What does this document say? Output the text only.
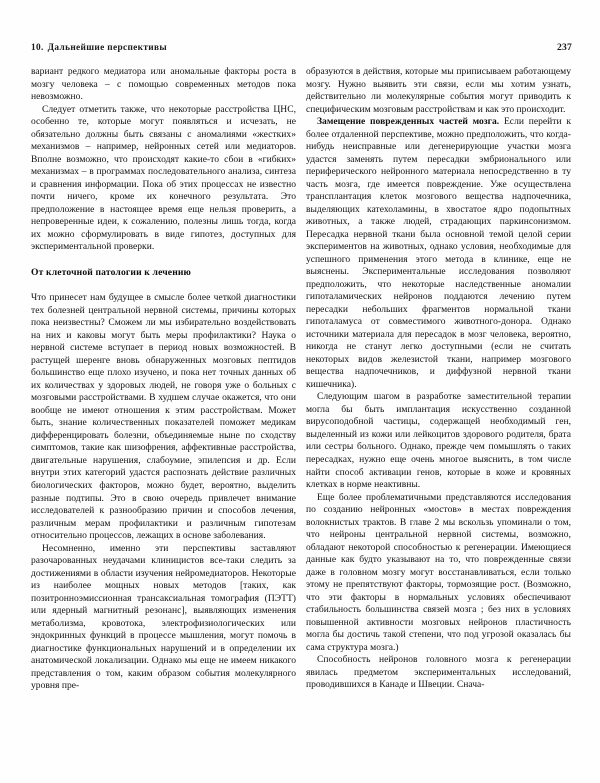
10. Дальнейшие перспективы	237

вариант редкого медиатора или аномальные факторы роста в мозгу человека – с помощью современных методов пока невозможно.

Следует отметить также, что некоторые расстройства ЦНС, особенно те, которые могут появляться и исчезать, не обязательно должны быть связаны с аномалиями «жестких» механизмов – например, нейронных сетей или медиаторов. Вполне возможно, что происходят какие-то сбои в «гибких» механизмах – в программах последовательного анализа, синтеза и сравнения информации. Пока об этих процессах не известно почти ничего, кроме их конечного результата. Это предположение в настоящее время еще нельзя проверить, а непроверенные идеи, к сожалению, полезны лишь тогда, когда их можно сформулировать в виде гипотез, доступных для экспериментальной проверки.

От клеточной патологии к лечению

Что принесет нам будущее в смысле более четкой диагностики тех болезней центральной нервной системы, причины которых пока неизвестны? Сможем ли мы избирательно воздействовать на них и каковы могут быть меры профилактики? Наука о нервной системе вступает в период новых возможностей. В растущей шеренге вновь обнаруженных мозговых пептидов большинство еще плохо изучено, и пока нет точных данных об их количествах у здоровых людей, не говоря уже о больных с мозговыми расстройствами. В худшем случае окажется, что они вообще не имеют отношения к этим расстройствам. Может быть, знание количественных показателей поможет медикам дифференцировать болезни, объединяемые ныне по сходству симптомов, такие как шизофрения, аффективные расстройства, двигательные нарушения, слабоумие, эпилепсия и др. Если внутри этих категорий удастся распознать действие различных биологических факторов, можно будет, вероятно, выделить разные подтипы. Это в свою очередь привлечет внимание исследователей к разнообразию причин и способов лечения, различным мерам профилактики и различным гипотезам относительно процессов, лежащих в основе заболевания.

Несомненно, именно эти перспективы заставляют разочарованных неудачами клиницистов все-таки следить за достижениями в области изучения нейромедиаторов. Некоторые из наиболее мощных новых методов [таких, как позитронноэмиссионная трансаксиальная томография (ПЭТТ) или ядерный магнитный резонанс], выявляющих изменения метаболизма, кровотока, электрофизиологических или эндокринных функций в процессе мышления, могут помочь в диагностике функциональных нарушений и в определении их анатомической локализации. Однако мы еще не имеем никакого представления о том, каким образом события молекулярного уровня пре-

образуются в действия, которые мы приписываем работающему мозгу. Нужно выявить эти связи, если мы хотим узнать, действительно ли молекулярные события могут приводить к специфическим мозговым расстройствам и как это происходит.

Замещение поврежденных частей мозга. Если перейти к более отдаленной перспективе, можно предположить, что когда-нибудь неисправные или дегенерирующие участки мозга удастся заменять путем пересадки эмбрионального или периферического нейронного материала непосредственно в ту часть мозга, где имеется повреждение. Уже осуществлена трансплантация клеток мозгового вещества надпочечника, выделяющих катехоламины, в хвостатое ядро подопытных животных, а также людей, страдающих паркинсонизмом. Пересадка нервной ткани была основной темой целой серии экспериментов на животных, однако условия, необходимые для успешного применения этого метода в клинике, еще не выяснены. Экспериментальные исследования позволяют предположить, что некоторые наследственные аномалии гипоталамических нейронов поддаются лечению путем пересадки небольших фрагментов нормальной ткани гипоталамуса от совместимого животного-донора. Однако источники материала для пересадок в мозг человека, вероятно, никогда не станут легко доступными (если не считать некоторых видов железистой ткани, например мозгового вещества надпочечников, и диффузной нервной ткани кишечника).

Следующим шагом в разработке заместительной терапии могла бы быть имплантация искусственно созданной вирусоподобной частицы, содержащей необходимый ген, выделенный из кожи или лейкоцитов здорового родителя, брата или сестры больного. Однако, прежде чем помышлять о таких пересадках, нужно еще очень многое выяснить, в том числе найти способ активации генов, которые в коже и кровяных клетках в норме неактивны.

Еще более проблематичными представляются исследования по созданию нейронных «мостов» в местах повреждения волокнистых трактов. В главе 2 мы вскользь упоминали о том, что нейроны центральной нервной системы, возможно, обладают некоторой способностью к регенерации. Имеющиеся данные как будто указывают на то, что поврежденные связи даже в головном мозгу могут восстанавливаться, если только этому не препятствуют факторы, тормозящие рост. (Возможно, что эти факторы в нормальных условиях обеспечивают стабильность большинства связей мозга ; без них в условиях повышенной активности мозговых нейронов пластичность могла бы достичь такой степени, что под угрозой оказалась бы сама структура мозга.)

Способность нейронов головного мозга к регенерации явилась предметом экспериментальных исследований, проводившихся в Канаде и Швеции. Снача-
